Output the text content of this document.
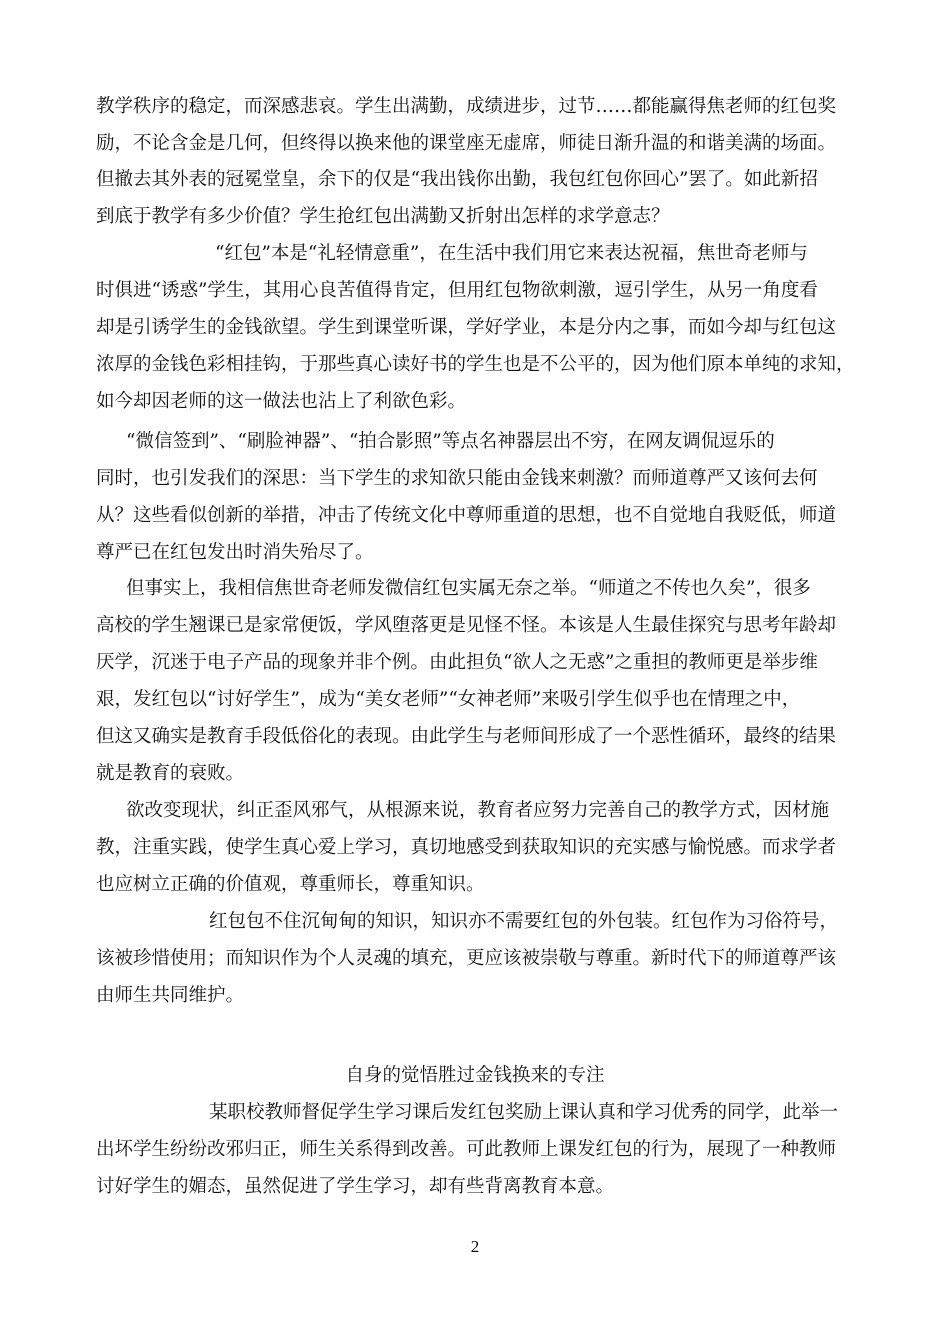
教学秩序的稳定，而深感悲哀。学生出满勤，成绩进步，过节……都能赢得焦老师的红包奖
励，不论含金是几何，但终得以换来他的课堂座无虚席，师徒日渐升温的和谐美满的场面。
但撤去其外表的冠冕堂皇，余下的仅是“我出钱你出勤，我包红包你回心”罢了。如此新招
到底于教学有多少价值？学生抢红包出满勤又折射出怎样的求学意志？
“红包”本是“礼轻情意重”，在生活中我们用它来表达祝福，焦世奇老师与
时俱进“诱惑”学生，其用心良苦值得肯定，但用红包物欲刺激，逗引学生，从另一角度看
却是引诱学生的金钱欲望。学生到课堂听课，学好学业，本是分内之事，而如今却与红包这
浓厚的金钱色彩相挂钩，于那些真心读好书的学生也是不公平的，因为他们原本单纯的求知，
如今却因老师的这一做法也沾上了利欲色彩。
“微信签到”、“刷脸神器”、“拍合影照”等点名神器层出不穷，在网友调侃逗乐的
同时，也引发我们的深思：当下学生的求知欲只能由金钱来刺激？而师道尊严又该何去何
从？这些看似创新的举措，冲击了传统文化中尊师重道的思想，也不自觉地自我贬低，师道
尊严已在红包发出时消失殆尽了。
但事实上，我相信焦世奇老师发微信红包实属无奈之举。“师道之不传也久矣”，很多
高校的学生翘课已是家常便饭，学风堕落更是见怪不怪。本该是人生最佳探究与思考年龄却
厌学，沉迷于电子产品的现象并非个例。由此担负“欲人之无惑”之重担的教师更是举步维
艰，发红包以“讨好学生”，成为“美女老师”“女神老师”来吸引学生似乎也在情理之中，
但这又确实是教育手段低俗化的表现。由此学生与老师间形成了一个恶性循环，最终的结果
就是教育的衰败。
欲改变现状，纠正歪风邪气，从根源来说，教育者应努力完善自己的教学方式，因材施
教，注重实践，使学生真心爱上学习，真切地感受到获取知识的充实感与愉悦感。而求学者
也应树立正确的价值观，尊重师长，尊重知识。
红包包不住沉甸甸的知识，知识亦不需要红包的外包装。红包作为习俗符号，
该被珍惜使用；而知识作为个人灵魂的填充，更应该被崇敬与尊重。新时代下的师道尊严该
由师生共同维护。
自身的觉悟胜过金钱换来的专注
某职校教师督促学生学习课后发红包奖励上课认真和学习优秀的同学，此举一
出坏学生纷纷改邪归正，师生关系得到改善。可此教师上课发红包的行为，展现了一种教师
讨好学生的媚态，虽然促进了学生学习，却有些背离教育本意。
2
